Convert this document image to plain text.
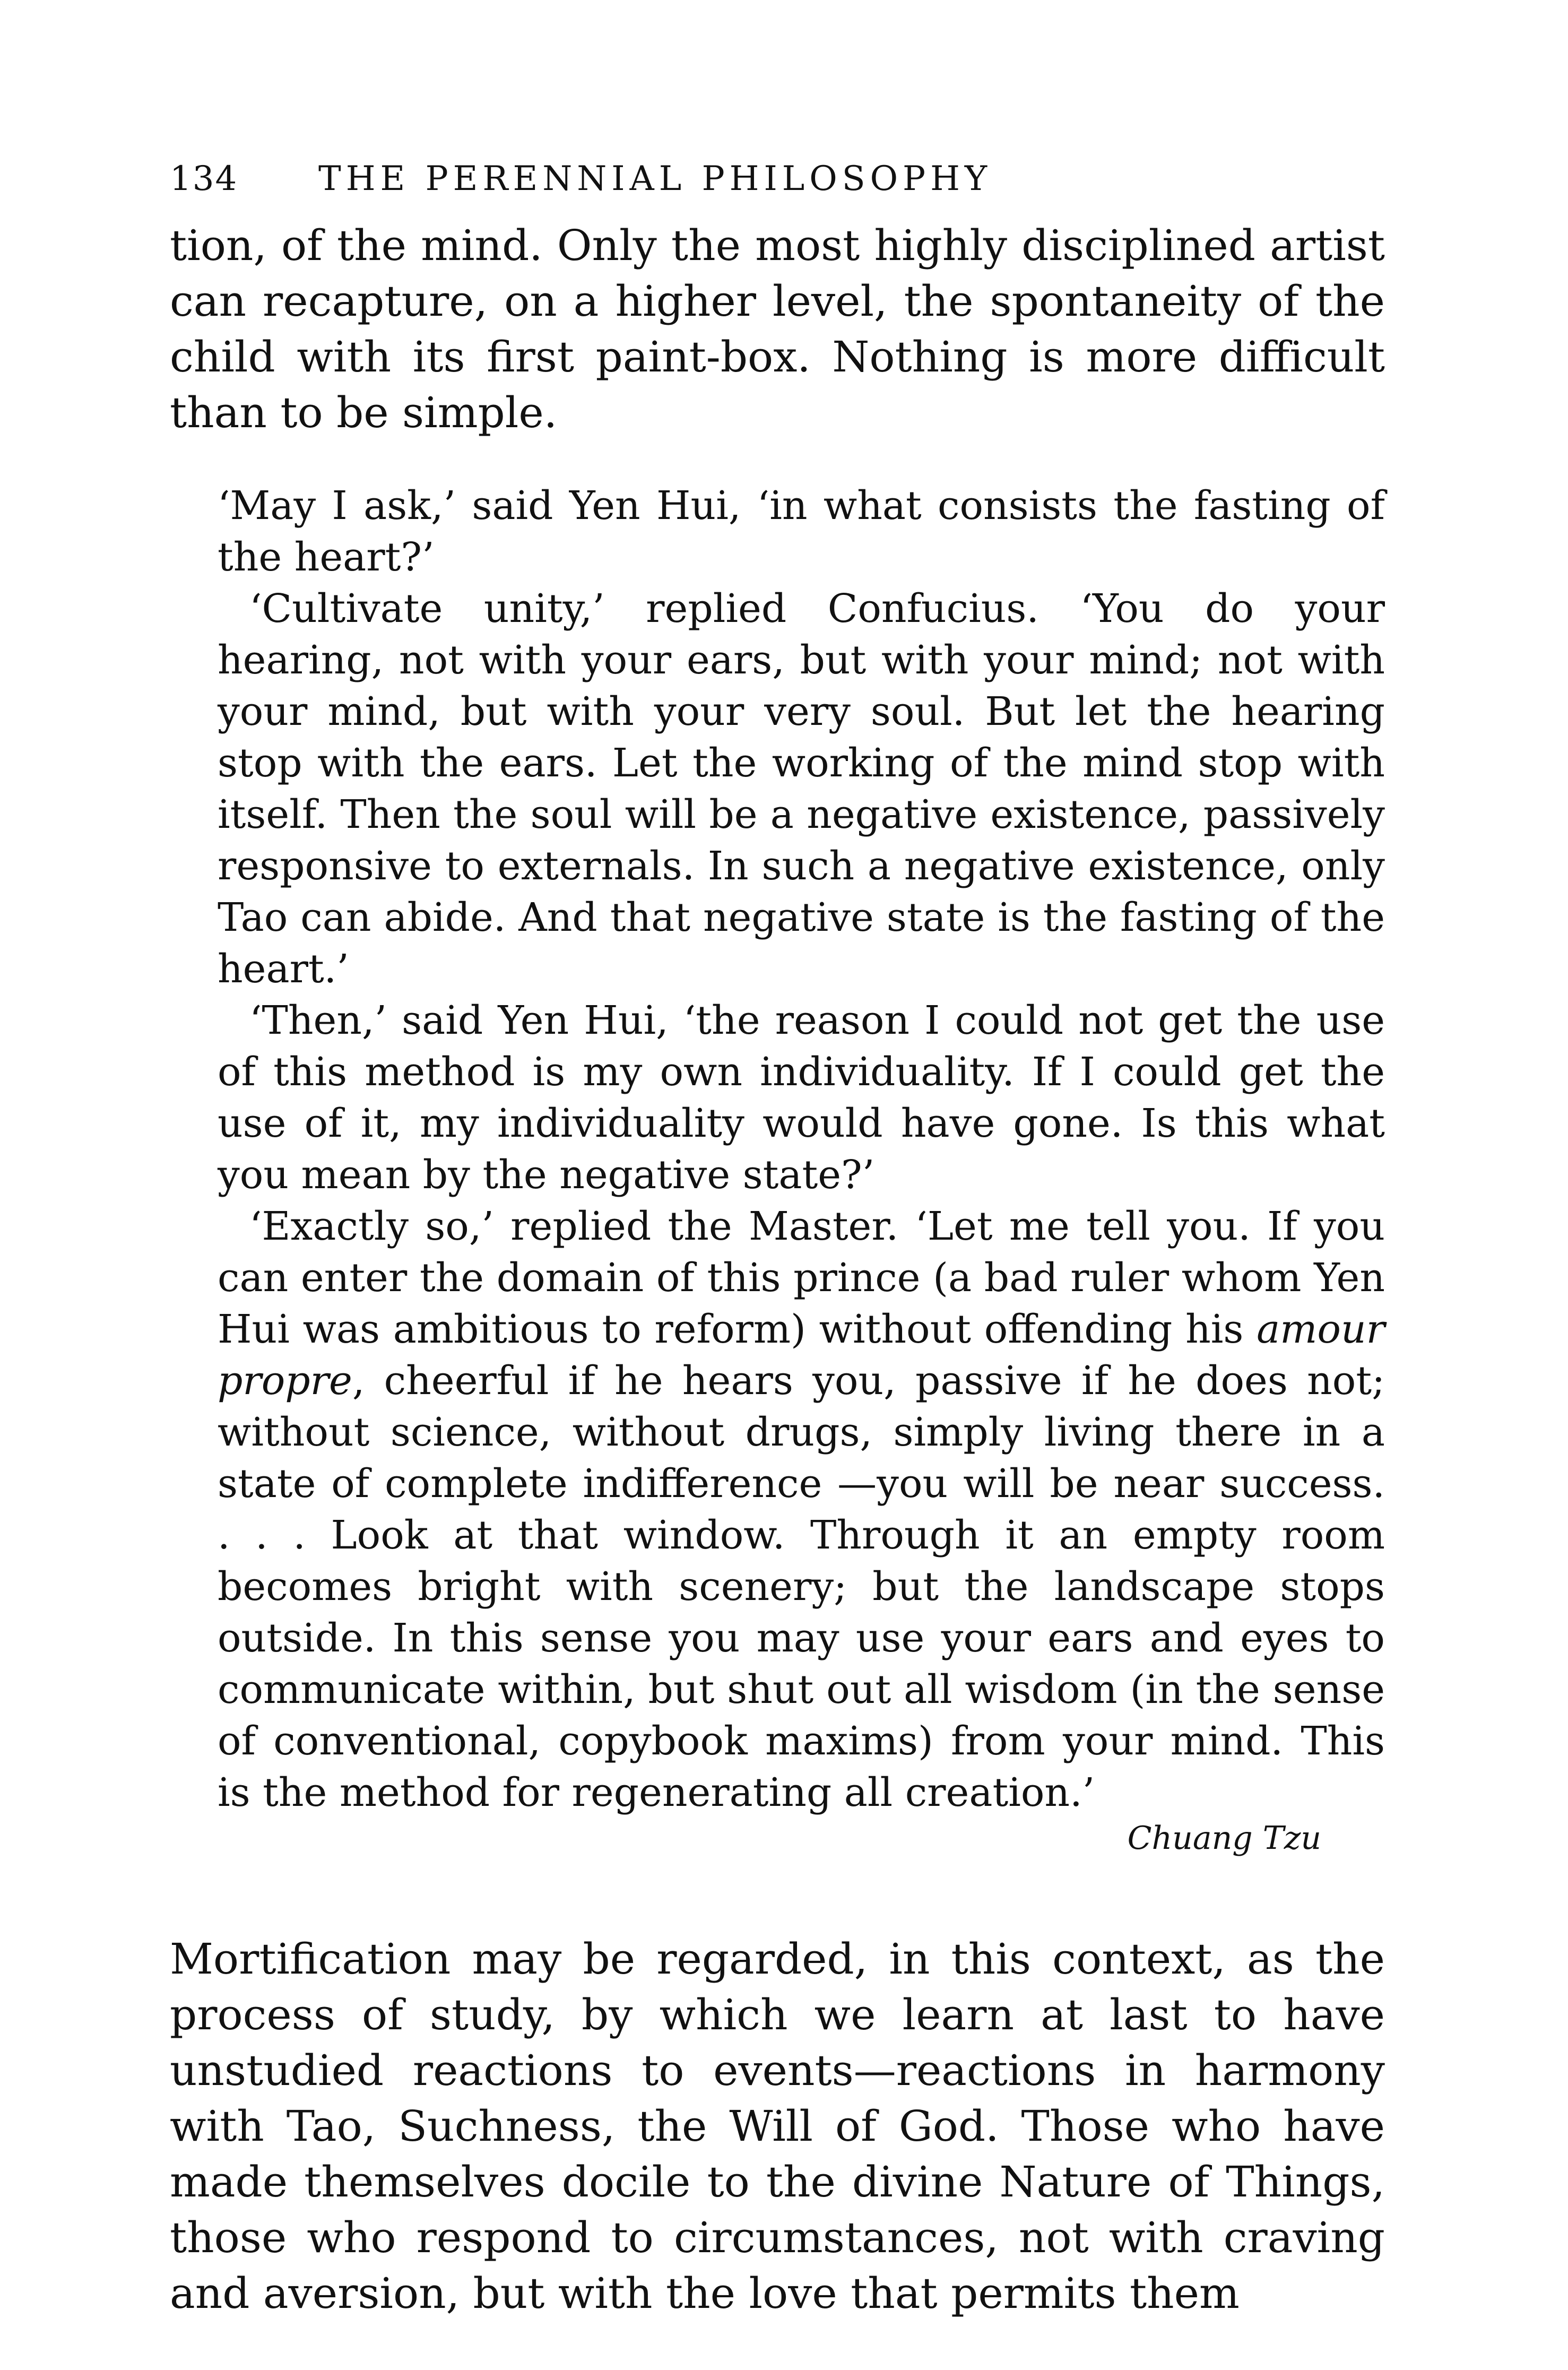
134	THE PERENNIAL PHILOSOPHY

tion, of the mind. Only the most highly disciplined artist can recapture, on a higher level, the spontaneity of the child with its first paint-box. Nothing is more difficult than to be simple.

‘May I ask,’ said Yen Hui, ‘in what consists the fasting of the heart?’

‘Cultivate unity,’ replied Confucius. ‘You do your hearing, not with your ears, but with your mind; not with your mind, but with your very soul. But let the hearing stop with the ears. Let the working of the mind stop with itself. Then the soul will be a negative existence, passively responsive to externals. In such a negative existence, only Tao can abide. And that negative state is the fasting of the heart.’

‘Then,’ said Yen Hui, ‘the reason I could not get the use of this method is my own individuality. If I could get the use of it, my individuality would have gone. Is this what you mean by the negative state?’

‘Exactly so,’ replied the Master. ‘Let me tell you. If you can enter the domain of this prince (a bad ruler whom Yen Hui was ambitious to reform) without offending his amour propre, cheerful if he hears you, passive if he does not; without science, without drugs, simply living there in a state of complete indifference —you will be near success. . . . Look at that window. Through it an empty room becomes bright with scenery; but the landscape stops outside. In this sense you may use your ears and eyes to communicate within, but shut out all wisdom (in the sense of conventional, copybook maxims) from your mind. This is the method for regenerating all creation.’

Chuang Tzu

Mortification may be regarded, in this context, as the process of study, by which we learn at last to have unstudied reactions to events—reactions in harmony with Tao, Suchness, the Will of God. Those who have made themselves docile to the divine Nature of Things, those who respond to circumstances, not with craving and aversion, but with the love that permits them
